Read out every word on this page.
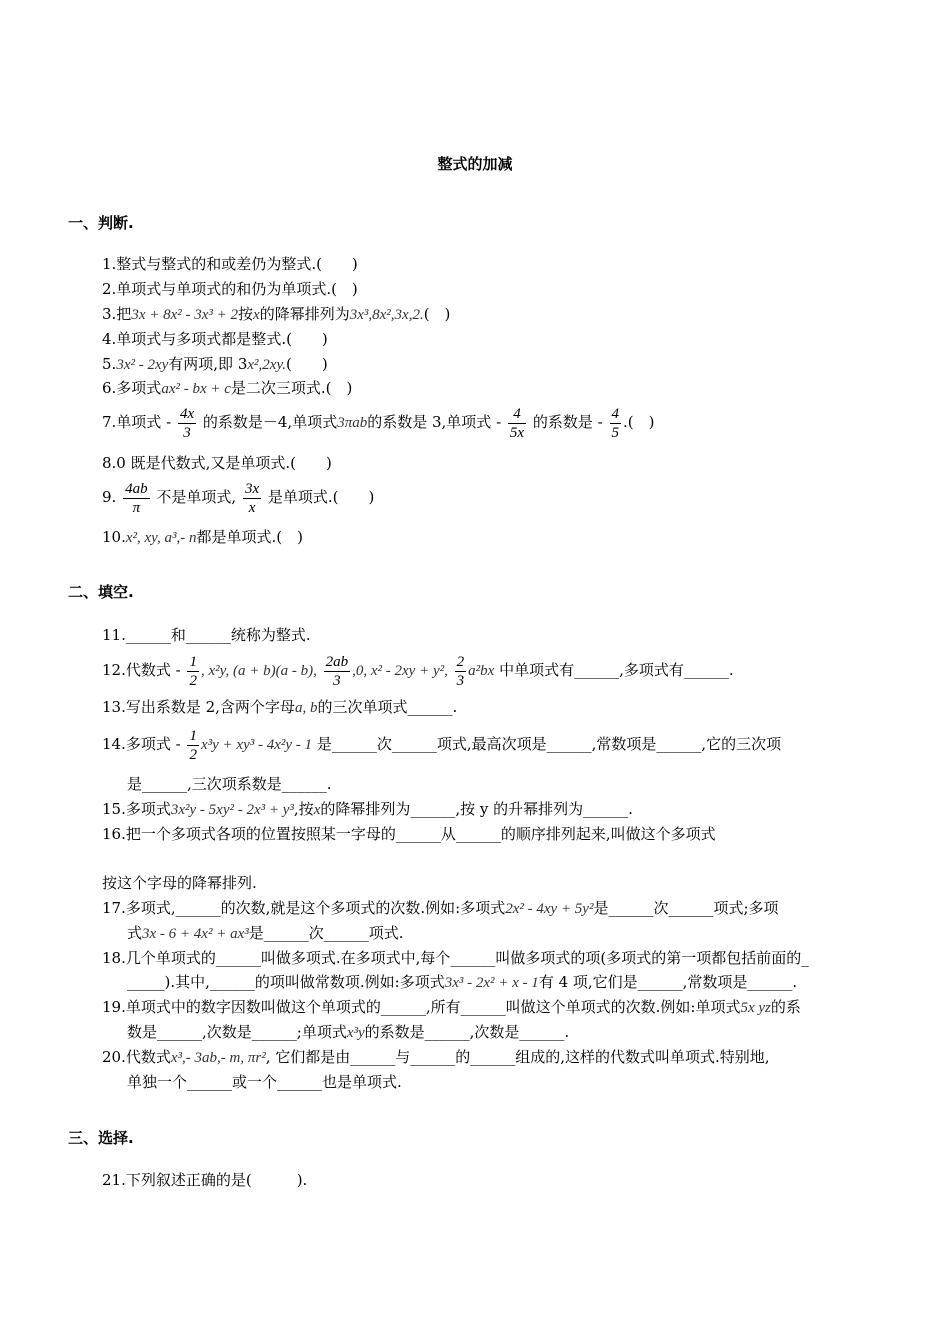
整式的加减
一、判断.
1.整式与整式的和或差仍为整式.(　　)
2.单项式与单项式的和仍为单项式.(　)
3.把3x + 8x² - 3x³ + 2按x的降幂排列为3x³,8x²,3x,2.(　)
4.单项式与多项式都是整式.(　　)
5.3x² - 2xy有两项,即 3x²,2xy.(　　)
6.多项式ax² - bx + c是二次三项式.(　)
7.单项式 - $\frac{4x}{3}$ 的系数是－4,单项式3πab的系数是 3,单项式 - $\frac{4}{5x}$ 的系数是 - $\frac{4}{5}$ .(　)
8.0 既是代数式,又是单项式.(　　)
9. $\frac{4ab}{\pi}$ 不是单项式, $\frac{3x}{x}$ 是单项式.(　　)
10.x², xy, a³,- n都是单项式.(　)
二、填空.
11.______和______统称为整式.
12.代数式 - $\frac{1}{2}$ , x²y, (a + b)(a - b), $\frac{2ab}{3} ,0$, x² - 2xy + y², $\frac{2}{3} a^2bx$ 中单项式有______,多项式有______.
13.写出系数是 2,含两个字母a, b的三次单项式______.
14.多项式 - $\frac{1}{2} x^3y + xy^3 - 4x^2y - 1$ 是______次______项式,最高次项是______,常数项是______,它的三次项
是______,三次项系数是______.
15.多项式3x²y - 5xy² - 2x³ + y³,按x的降幂排列为______,按 y 的升幂排列为______.
16.把一个多项式各项的位置按照某一字母的______从______的顺序排列起来,叫做这个多项式
按这个字母的降幂排列.
17.多项式,______的次数,就是这个多项式的次数.例如:多项式2x² - 4xy + 5y²是______次______项式;多项
式3x - 6 + 4x² + ax³是______次______项式.
18.几个单项式的______叫做多项式.在多项式中,每个______叫做多项式的项(多项式的第一项都包括前面的_
_____).其中,______的项叫做常数项.例如:多项式3x³ - 2x² + x - 1有 4 项,它们是______,常数项是______.
19.单项式中的数字因数叫做这个单项式的______,所有______叫做这个单项式的次数.例如:单项式5x yz的系
数是______,次数是______;单项式x³y的系数是______,次数是______.
20.代数式x³,- 3ab,- m, πr², 它们都是由______与______的______组成的,这样的代数式叫单项式.特别地,
单独一个______或一个______也是单项式.
三、选择.
21.下列叙述正确的是(　　　).
